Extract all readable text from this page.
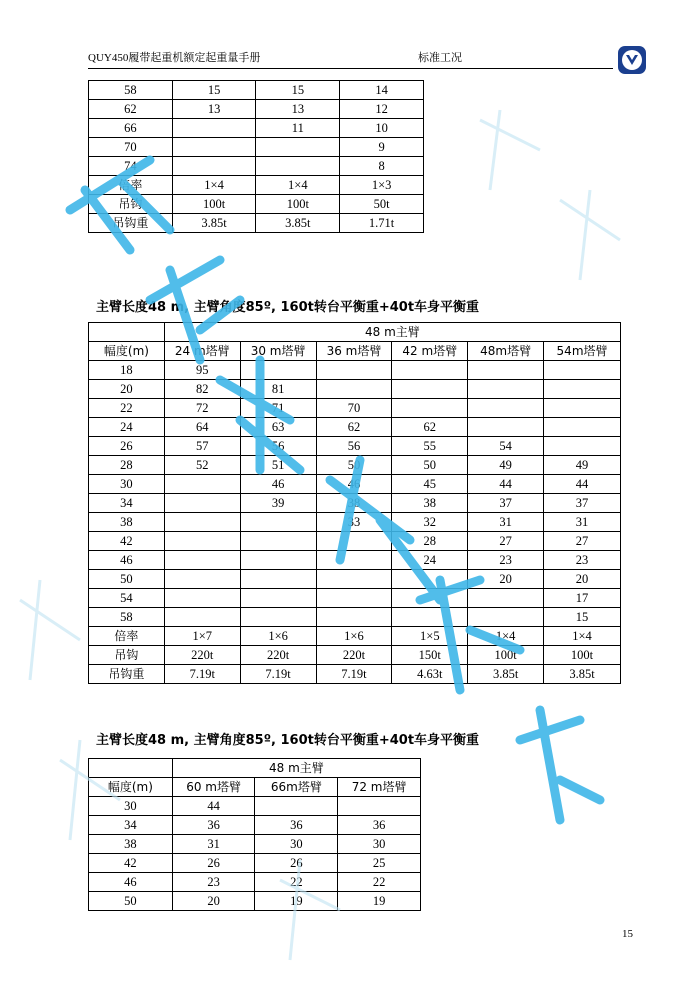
QUY450履带起重机额定起重量手册	标准工况
58	15	15	14
62	13	13	12
66		11	10
70			9
74			8
倍率	1×4	1×4	1×3
吊钩	100t	100t	50t
吊钩重	3.85t	3.85t	1.71t
主臂长度48 m, 主臂角度85º, 160t转台平衡重+40t车身平衡重
	48 m主臂					
幅度(m)	24 m塔臂	30 m塔臂	36 m塔臂	42 m塔臂	48m塔臂	54m塔臂
18	95					
20	82	81				
22	72	71	70			
24	64	63	62	62		
26	57	56	56	55	54	
28	52	51	50	50	49	49
30		46	46	45	44	44
34		39	38	38	37	37
38			33	32	31	31
42				28	27	27
46				24	23	23
50					20	20
54						17
58						15
倍率	1×7	1×6	1×6	1×5	1×4	1×4
吊钩	220t	220t	220t	150t	100t	100t
吊钩重	7.19t	7.19t	7.19t	4.63t	3.85t	3.85t
主臂长度48 m, 主臂角度85º, 160t转台平衡重+40t车身平衡重
	48 m主臂		
幅度(m)	60 m塔臂	66m塔臂	72 m塔臂
30	44		
34	36	36	36
38	31	30	30
42	26	26	25
46	23	22	22
50	20	19	19
15
